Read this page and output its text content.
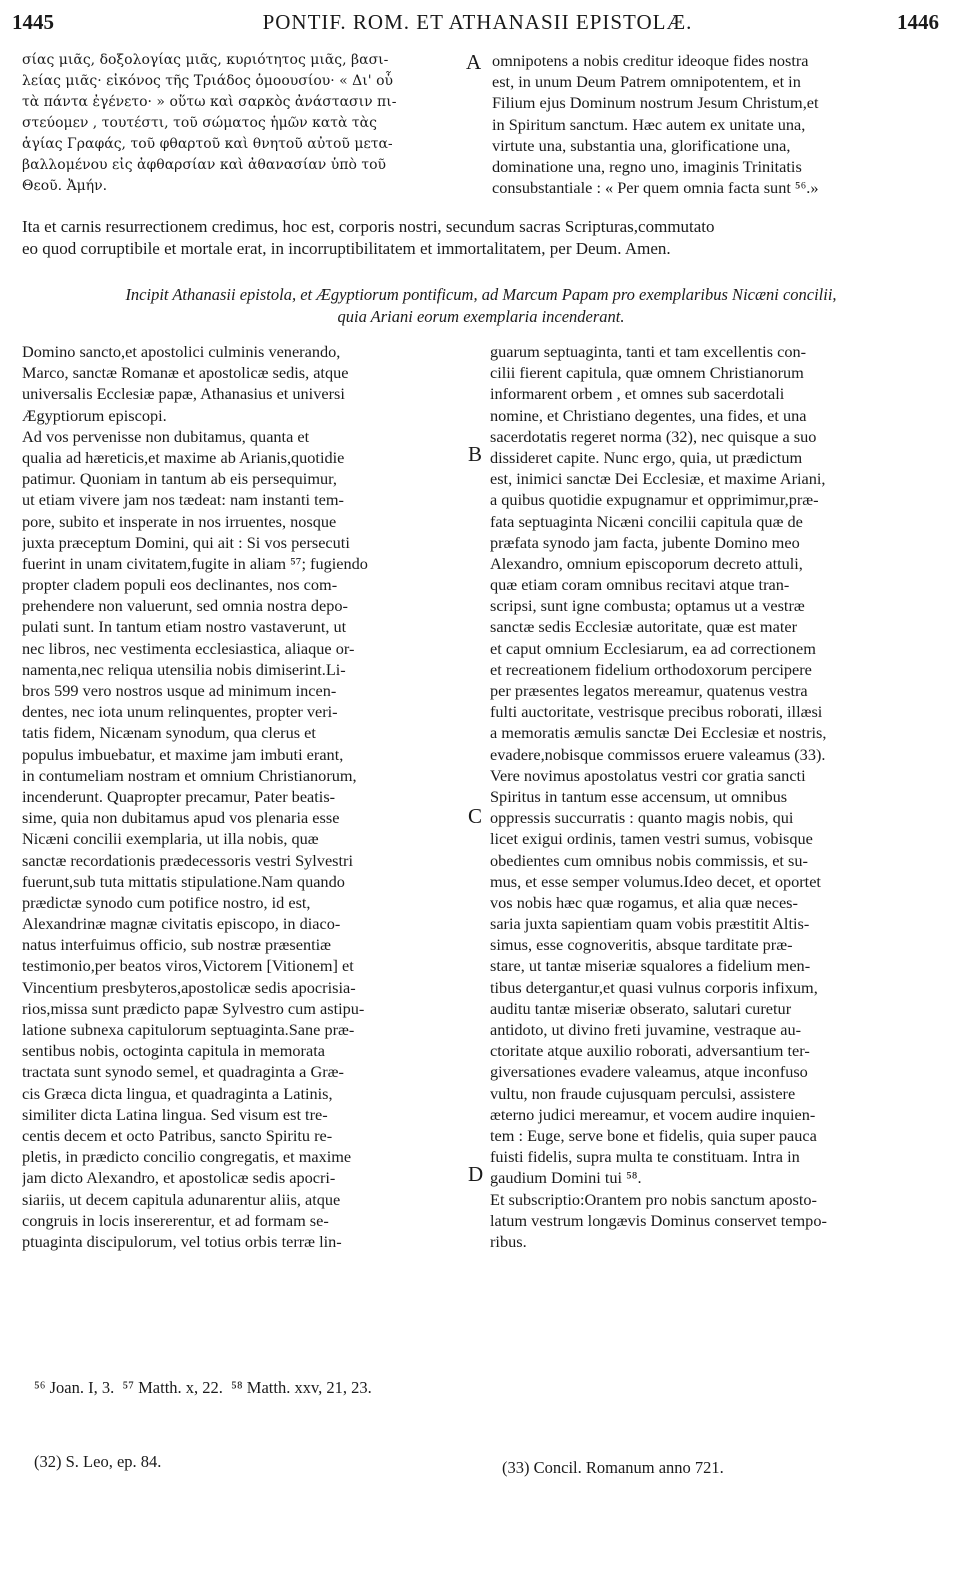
1445	PONTIF. ROM. ET ATHANASII EPISTOLÆ.	1446
σίας μιᾶς, δοξολογίας μιᾶς, κυριότητος μιᾶς, βασι-
λείας μιᾶς· εἰκόνος τῆς Τριάδος ὁμοουσίου· « Δι' οὗ
τὰ πάντα ἐγένετο· » οὕτω καὶ σαρκὸς ἀνάστασιν πι-
στεύομεν , τουτέστι, τοῦ σώματος ἡμῶν κατὰ τὰς
ἁγίας Γραφάς, τοῦ φθαρτοῦ καὶ θνητοῦ αὐτοῦ μετα-
βαλλομένου εἰς ἀφθαρσίαν καὶ ἀθανασίαν ὑπὸ τοῦ
Θεοῦ. Ἀμήν.
A omnipotens a nobis creditur ideoque fides nostra
est, in unum Deum Patrem omnipotentem, et in
Filium ejus Dominum nostrum Jesum Christum,et
in Spiritum sanctum. Hæc autem ex unitate una,
virtute una, substantia una, glorificatione una,
dominatione una, regno uno, imaginis Trinitatis
consubstantiale : « Per quem omnia facta sunt ⁵⁶.»
Ita et carnis resurrectionem credimus, hoc est, corporis nostri, secundum sacras Scripturas,commutato
eo quod corruptibile et mortale erat, in incorruptibilitatem et immortalitatem, per Deum. Amen.
Incipit Athanasii epistola, et Ægyptiorum pontificum, ad Marcum Papam pro exemplaribus Nicæni concilii,
quia Ariani eorum exemplaria incenderant.
Domino sancto,et apostolici culminis venerando,
Marco, sanctæ Romanæ et apostolicæ sedis, atque
universalis Ecclesiæ papæ, Athanasius et universi
Ægyptiorum episcopi.
Ad vos pervenisse non dubitamus, quanta et
qualia ad hæreticis,et maxime ab Arianis,quotidie
patimur. Quoniam in tantum ab eis persequimur,
ut etiam vivere jam nos tædeat: nam instanti tem-
pore, subito et insperate in nos irruentes, nosque
juxta præceptum Domini, qui ait : Si vos persecuti
fuerint in unam civitatem,fugite in aliam ⁵⁷; fugiendo
propter cladem populi eos declinantes, nos com-
prehendere non valuerunt, sed omnia nostra depo-
pulati sunt. In tantum etiam nostro vastaverunt, ut
nec libros, nec vestimenta ecclesiastica, aliaque or-
namenta,nec reliqua utensilia nobis dimiserint.Li-
bros 599 vero nostros usque ad minimum incen-
dentes, nec iota unum relinquentes, propter veri-
tatis fidem, Nicænam synodum, qua clerus et
populus imbuebatur, et maxime jam imbuti erant,
in contumeliam nostram et omnium Christianorum,
incenderunt. Quapropter precamur, Pater beatis-
sime, quia non dubitamus apud vos plenaria esse
Nicæni concilii exemplaria, ut illa nobis, quæ
sanctæ recordationis prædecessoris vestri Sylvestri
fuerunt,sub tuta mittatis stipulatione.Nam quando
prædictæ synodo cum potifice nostro, id est,
Alexandrinæ magnæ civitatis episcopo, in diaco-
natus interfuimus officio, sub nostræ præsentiæ
testimonio,per beatos viros,Victorem [Vitionem] et
Vincentium presbyteros,apostolicæ sedis apocrisia-
rios,missa sunt prædicto papæ Sylvestro cum astipu-
latione subnexa capitulorum septuaginta.Sane præ-
sentibus nobis, octoginta capitula in memorata
tractata sunt synodo semel, et quadraginta a Græ-
cis Græca dicta lingua, et quadraginta a Latinis,
similiter dicta Latina lingua. Sed visum est tre-
centis decem et octo Patribus, sancto Spiritu re-
pletis, in prædicto concilio congregatis, et maxime
jam dicto Alexandro, et apostolicæ sedis apocri-
siariis, ut decem capitula adunarentur aliis, atque
congruis in locis insererentur, et ad formam se-
ptuaginta discipulorum, vel totius orbis terræ lin-
B
C
D
guarum septuaginta, tanti et tam excellentis con-
cilii fierent capitula, quæ omnem Christianorum
informarent orbem , et omnes sub sacerdotali
nomine, et Christiano degentes, una fides, et una
sacerdotatis regeret norma (32), nec quisque a suo
dissideret capite. Nunc ergo, quia, ut prædictum
est, inimici sanctæ Dei Ecclesiæ, et maxime Ariani,
a quibus quotidie expugnamur et opprimimur,præ-
fata septuaginta Nicæni concilii capitula quæ de
præfata synodo jam facta, jubente Domino meo
Alexandro, omnium episcoporum decreto attuli,
quæ etiam coram omnibus recitavi atque tran-
scripsi, sunt igne combusta; optamus ut a vestræ
sanctæ sedis Ecclesiæ autoritate, quæ est mater
et caput omnium Ecclesiarum, ea ad correctionem
et recreationem fidelium orthodoxorum percipere
per præsentes legatos mereamur, quatenus vestra
fulti auctoritate, vestrisque precibus roborati, illæsi
a memoratis æmulis sanctæ Dei Ecclesiæ et nostris,
evadere,nobisque commissos eruere valeamus (33).
Vere novimus apostolatus vestri cor gratia sancti
Spiritus in tantum esse accensum, ut omnibus
oppressis succurratis : quanto magis nobis, qui
licet exigui ordinis, tamen vestri sumus, vobisque
obedientes cum omnibus nobis commissis, et su-
mus, et esse semper volumus.Ideo decet, et oportet
vos nobis hæc quæ rogamus, et alia quæ neces-
saria juxta sapientiam quam vobis præstitit Altis-
simus, esse cognoveritis, absque tarditate præ-
stare, ut tantæ miseriæ squalores a fidelium men-
tibus detergantur,et quasi vulnus corporis infixum,
auditu tantæ miseriæ obserato, salutari curetur
antidoto, ut divino freti juvamine, vestraque au-
ctoritate atque auxilio roborati, adversantium ter-
giversationes evadere valeamus, atque inconfuso
vultu, non fraude cujusquam perculsi, assistere
æterno judici mereamur, et vocem audire inquien-
tem : Euge, serve bone et fidelis, quia super pauca
fuisti fidelis, supra multa te constituam. Intra in
gaudium Domini tui ⁵⁸.
Et subscriptio:Orantem pro nobis sanctum aposto-
latum vestrum longævis Dominus conservet tempo-
ribus.
⁵⁶ Joan. I, 3.  ⁵⁷ Matth. x, 22.  ⁵⁸ Matth. xxv, 21, 23.
(32) S. Leo, ep. 84.	(33) Concil. Romanum anno 721.
